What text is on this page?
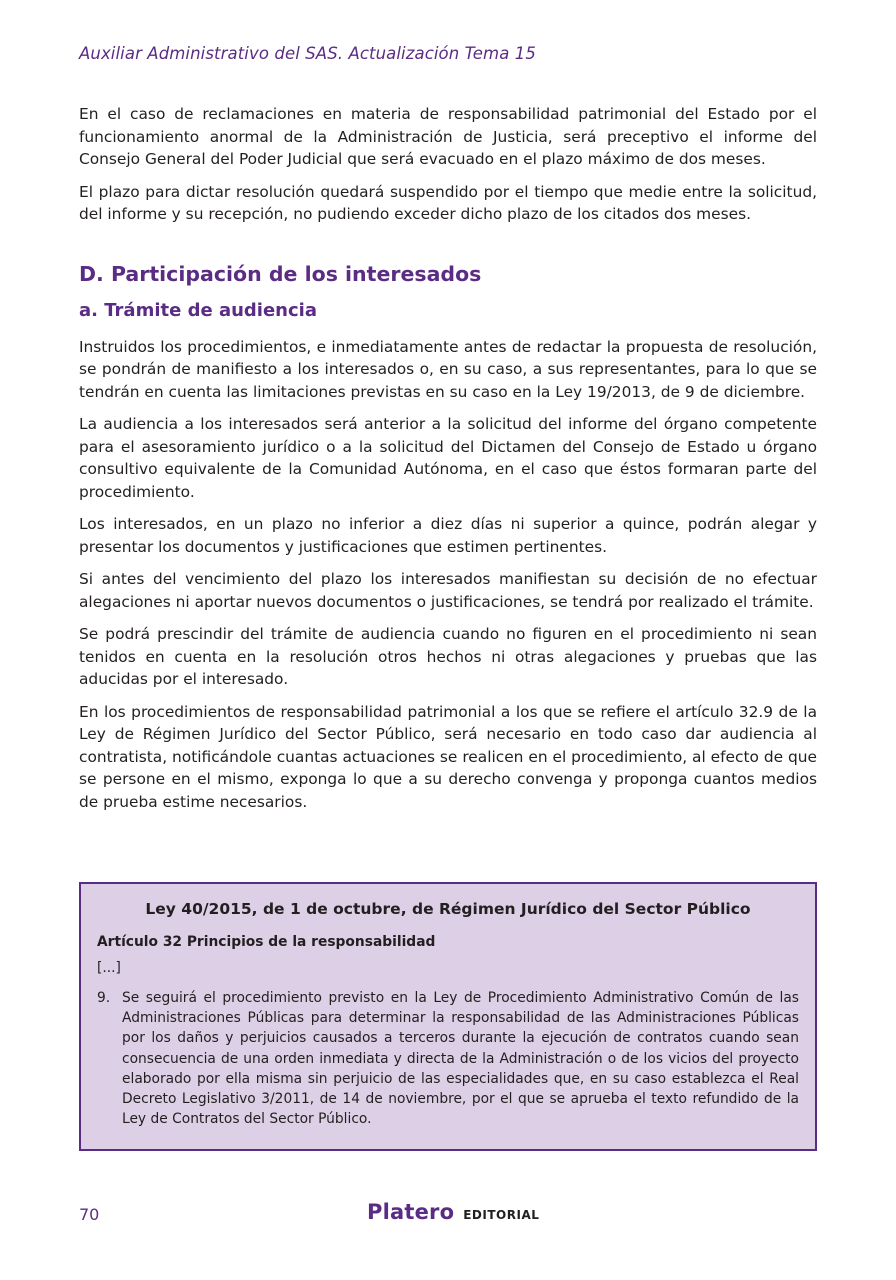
Auxiliar Administrativo del SAS. Actualización Tema 15

En el caso de reclamaciones en materia de responsabilidad patrimonial del Estado por el funcionamiento anormal de la Administración de Justicia, será preceptivo el informe del Consejo General del Poder Judicial que será evacuado en el plazo máximo de dos meses.

El plazo para dictar resolución quedará suspendido por el tiempo que medie entre la solicitud, del informe y su recepción, no pudiendo exceder dicho plazo de los citados dos meses.

D. Participación de los interesados
a. Trámite de audiencia

Instruidos los procedimientos, e inmediatamente antes de redactar la propuesta de resolución, se pondrán de manifiesto a los interesados o, en su caso, a sus representantes, para lo que se tendrán en cuenta las limitaciones previstas en su caso en la Ley 19/2013, de 9 de diciembre.

La audiencia a los interesados será anterior a la solicitud del informe del órgano competente para el asesoramiento jurídico o a la solicitud del Dictamen del Consejo de Estado u órgano consultivo equivalente de la Comunidad Autónoma, en el caso que éstos formaran parte del procedimiento.

Los interesados, en un plazo no inferior a diez días ni superior a quince, podrán alegar y presentar los documentos y justificaciones que estimen pertinentes.

Si antes del vencimiento del plazo los interesados manifiestan su decisión de no efectuar alegaciones ni aportar nuevos documentos o justificaciones, se tendrá por realizado el trámite.

Se podrá prescindir del trámite de audiencia cuando no figuren en el procedimiento ni sean tenidos en cuenta en la resolución otros hechos ni otras alegaciones y pruebas que las aducidas por el interesado.

En los procedimientos de responsabilidad patrimonial a los que se refiere el artículo 32.9 de la Ley de Régimen Jurídico del Sector Público, será necesario en todo caso dar audiencia al contratista, notificándole cuantas actuaciones se realicen en el procedimiento, al efecto de que se persone en el mismo, exponga lo que a su derecho convenga y proponga cuantos medios de prueba estime necesarios.

Ley 40/2015, de 1 de octubre, de Régimen Jurídico del Sector Público
Artículo 32 Principios de la responsabilidad
[...]
9. Se seguirá el procedimiento previsto en la Ley de Procedimiento Administrativo Común de las Administraciones Públicas para determinar la responsabilidad de las Administraciones Públicas por los daños y perjuicios causados a terceros durante la ejecución de contratos cuando sean consecuencia de una orden inmediata y directa de la Administración o de los vicios del proyecto elaborado por ella misma sin perjuicio de las especialidades que, en su caso establezca el Real Decreto Legislativo 3/2011, de 14 de noviembre, por el que se aprueba el texto refundido de la Ley de Contratos del Sector Público.
70	Platero EDITORIAL
